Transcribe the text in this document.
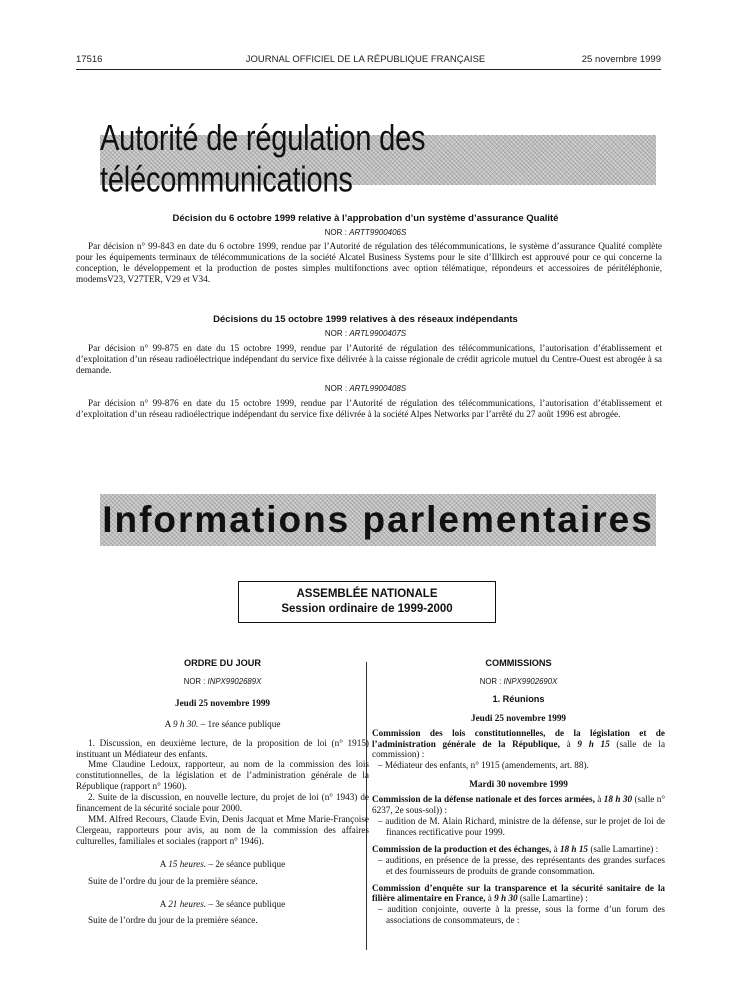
17516	JOURNAL OFFICIEL DE LA RÉPUBLIQUE FRANÇAISE	25 novembre 1999
Autorité de régulation des télécommunications
Décision du 6 octobre 1999 relative à l’approbation d’un système d’assurance Qualité
NOR : ARTT9900406S

Par décision n° 99-843 en date du 6 octobre 1999, rendue par l’Autorité de régulation des télécommunications, le système d’assurance Qualité complète pour les équipements terminaux de télécommunications de la société Alcatel Business Systems pour le site d’Illkirch est approuvé pour ce qui concerne la conception, le développement et la production de postes simples multifonctions avec option télématique, répondeurs et accessoires de péritéléphonie, modemsV23, V27TER, V29 et V34.

Décisions du 15 octobre 1999 relatives à des réseaux indépendants
NOR : ARTL9900407S

Par décision n° 99-875 en date du 15 octobre 1999, rendue par l’Autorité de régulation des télécommunications, l’autorisation d’établissement et d’exploitation d’un réseau radioélectrique indépendant du service fixe délivrée à la caisse régionale de crédit agricole mutuel du Centre-Ouest est abrogée à sa demande.

NOR : ARTL9900408S

Par décision n° 99-876 en date du 15 octobre 1999, rendue par l’Autorité de régulation des télécommunications, l’autorisation d’établissement et d’exploitation d’un réseau radioélectrique indépendant du service fixe délivrée à la société Alpes Networks par l’arrêté du 27 août 1996 est abrogée.

Informations parlementaires
ASSEMBLÉE NATIONALE
Session ordinaire de 1999-2000
ORDRE DU JOUR
NOR : INPX9902689X
Jeudi 25 novembre 1999
A 9 h 30. – 1re séance publique

1. Discussion, en deuxième lecture, de la proposition de loi (n° 1915) instituant un Médiateur des enfants.

Mme Claudine Ledoux, rapporteur, au nom de la commission des lois constitutionnelles, de la législation et de l’administration générale de la République (rapport n° 1960).

2. Suite de la discussion, en nouvelle lecture, du projet de loi (n° 1943) de financement de la sécurité sociale pour 2000.

MM. Alfred Recours, Claude Evin, Denis Jacquat et Mme Marie-Françoise Clergeau, rapporteurs pour avis, au nom de la commission des affaires culturelles, familiales et sociales (rapport n° 1946).

A 15 heures. – 2e séance publique

Suite de l’ordre du jour de la première séance.

A 21 heures. – 3e séance publique

Suite de l’ordre du jour de la première séance.

COMMISSIONS
NOR : INPX9902690X
1. Réunions
Jeudi 25 novembre 1999

Commission des lois constitutionnelles, de la législation et de l’administration générale de la République, à 9 h 15 (salle de la commission) :

– Médiateur des enfants, n° 1915 (amendements, art. 88).

Mardi 30 novembre 1999

Commission de la défense nationale et des forces armées, à 18 h 30 (salle n° 6237, 2e sous-sol)) :

– audition de M. Alain Richard, ministre de la défense, sur le projet de loi de finances rectificative pour 1999.

Commission de la production et des échanges, à 18 h 15 (salle Lamartine) :

– auditions, en présence de la presse, des représentants des grandes surfaces et des fournisseurs de produits de grande consommation.

Commission d’enquête sur la transparence et la sécurité sanitaire de la filière alimentaire en France, à 9 h 30 (salle Lamartine) :

– audition conjointe, ouverte à la presse, sous la forme d’un forum des associations de consommateurs, de :
